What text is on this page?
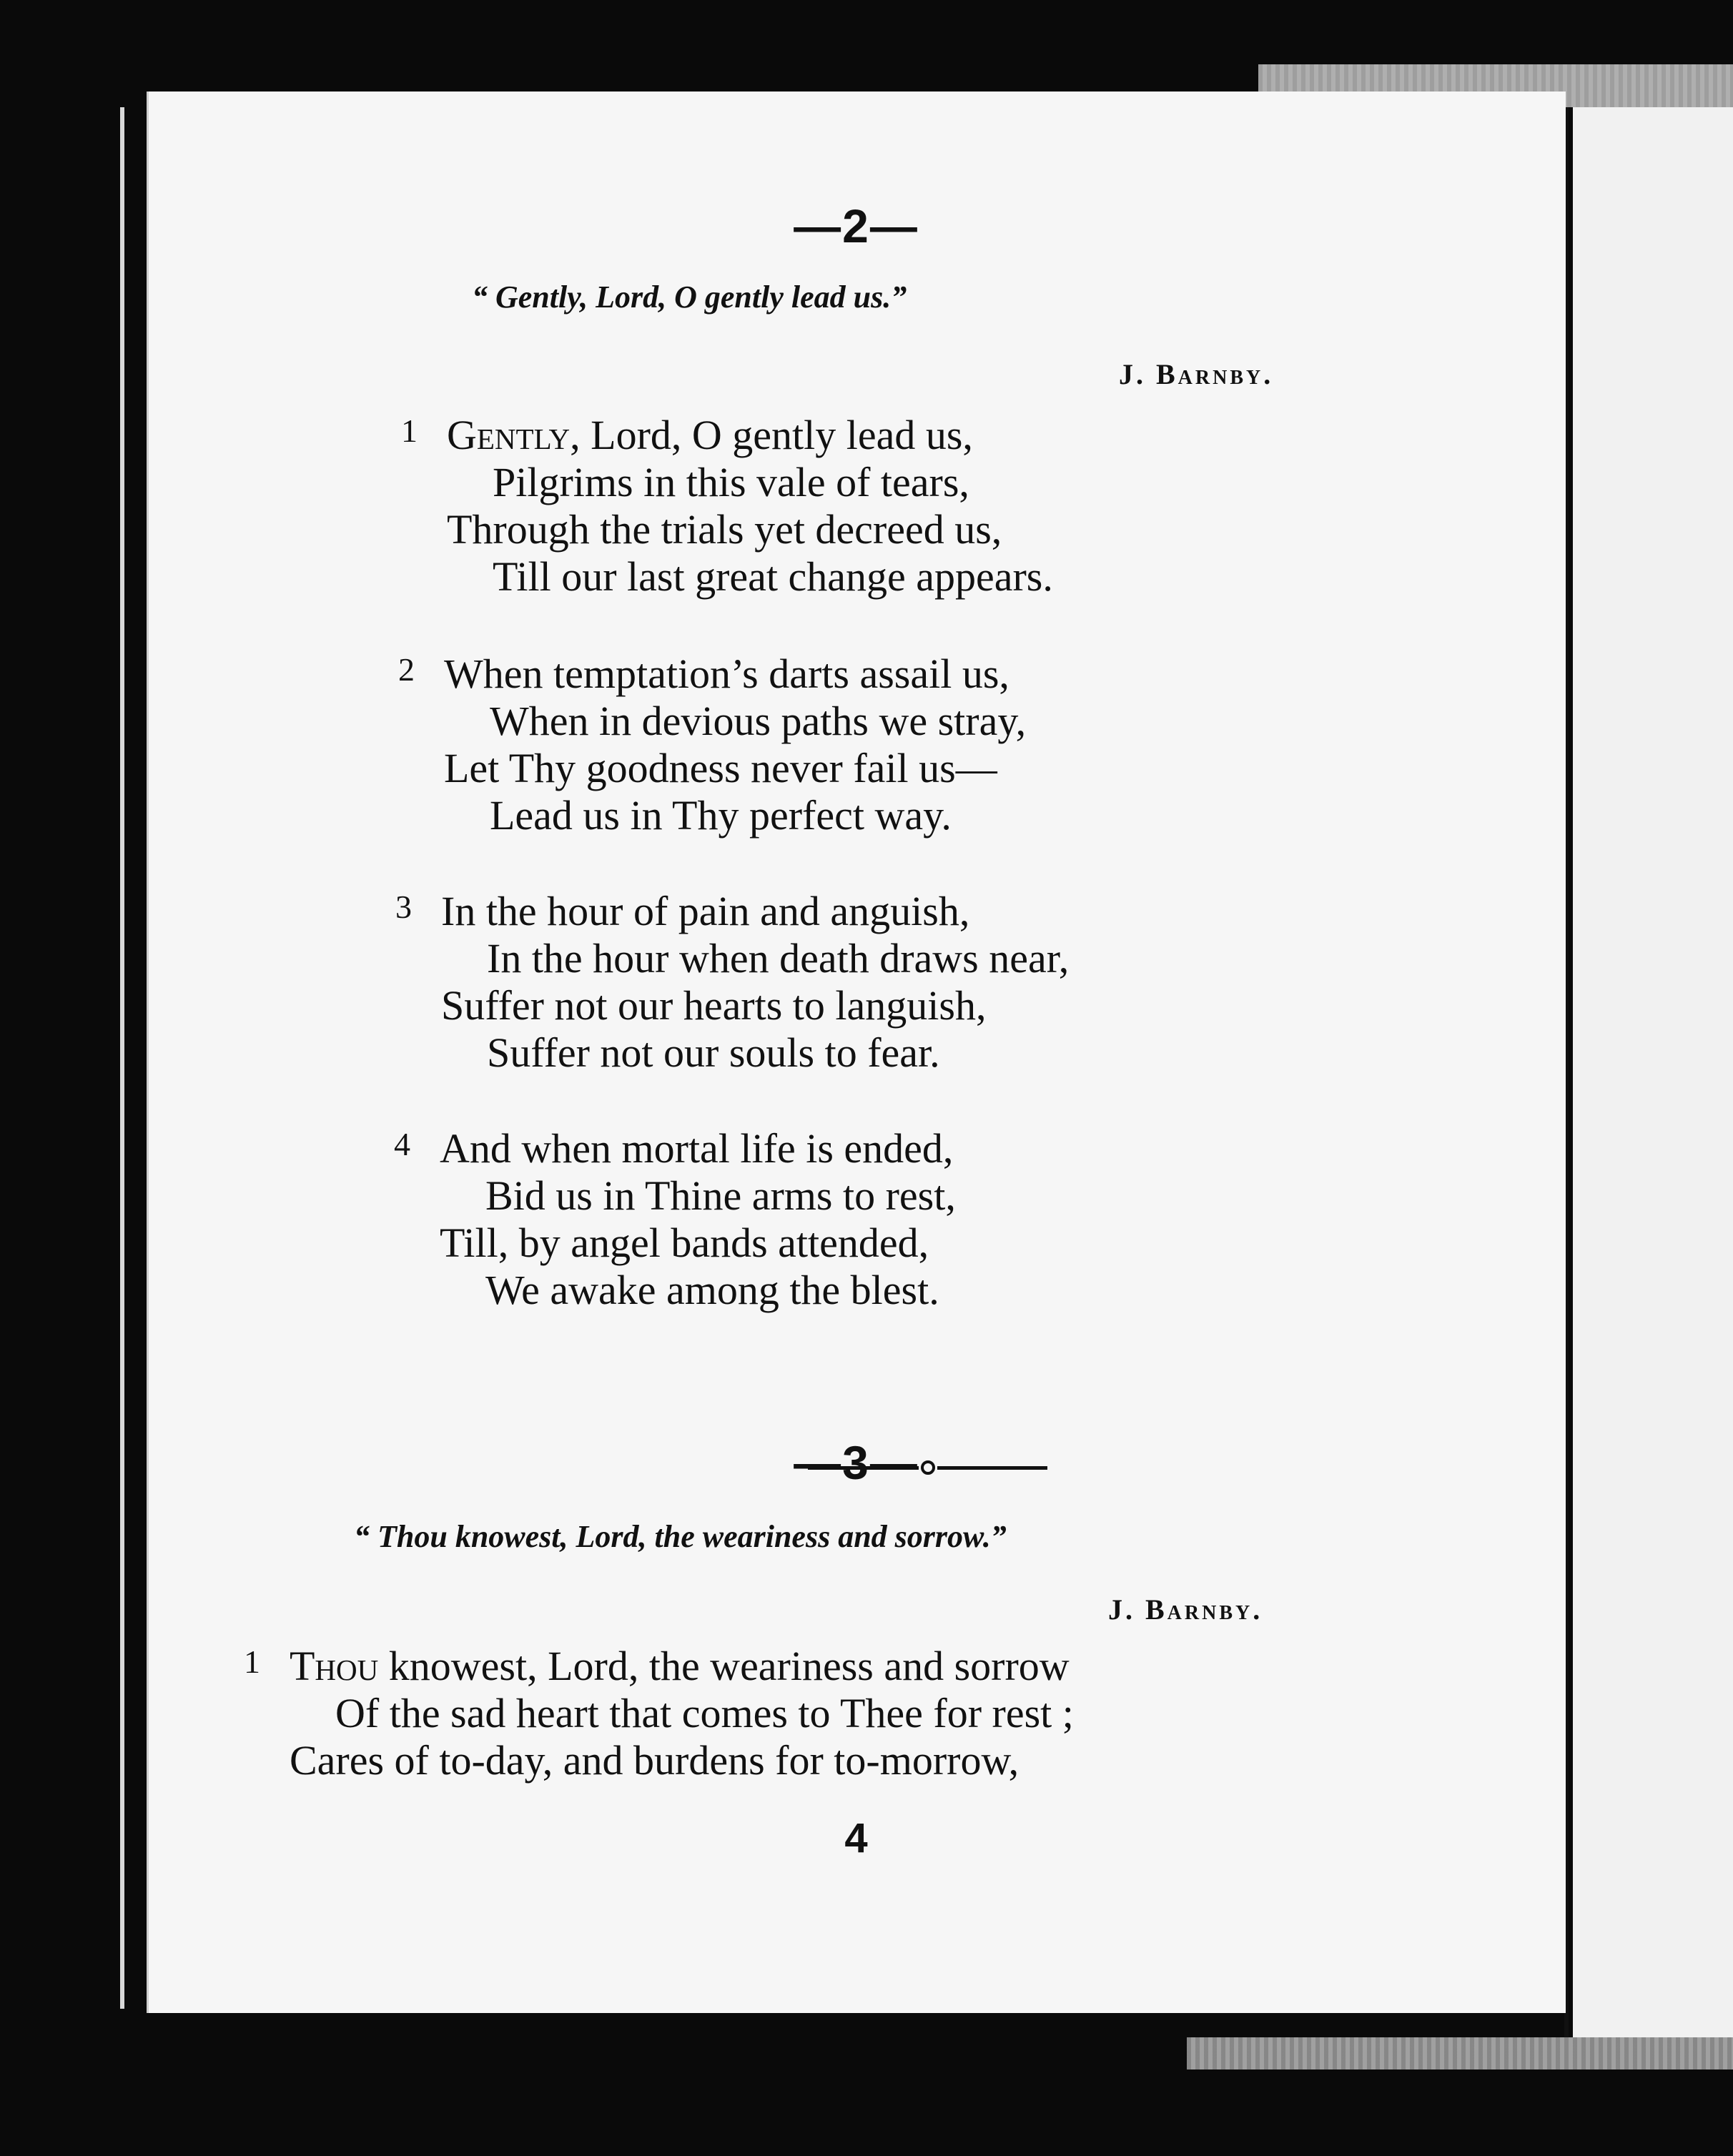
—2—
“ Gently, Lord, O gently lead us.”
J. Barnby.
1 Gently, Lord, O gently lead us,
Pilgrims in this vale of tears,
Through the trials yet decreed us,
Till our last great change appears.
2 When temptation’s darts assail us,
When in devious paths we stray,
Let Thy goodness never fail us—
Lead us in Thy perfect way.
3 In the hour of pain and anguish,
In the hour when death draws near,
Suffer not our hearts to languish,
Suffer not our souls to fear.
4 And when mortal life is ended,
Bid us in Thine arms to rest,
Till, by angel bands attended,
We awake among the blest.
—3—
“ Thou knowest, Lord, the weariness and sorrow.”
J. Barnby.
1 Thou knowest, Lord, the weariness and sorrow
Of the sad heart that comes to Thee for rest ;
Cares of to-day, and burdens for to-morrow,
4
